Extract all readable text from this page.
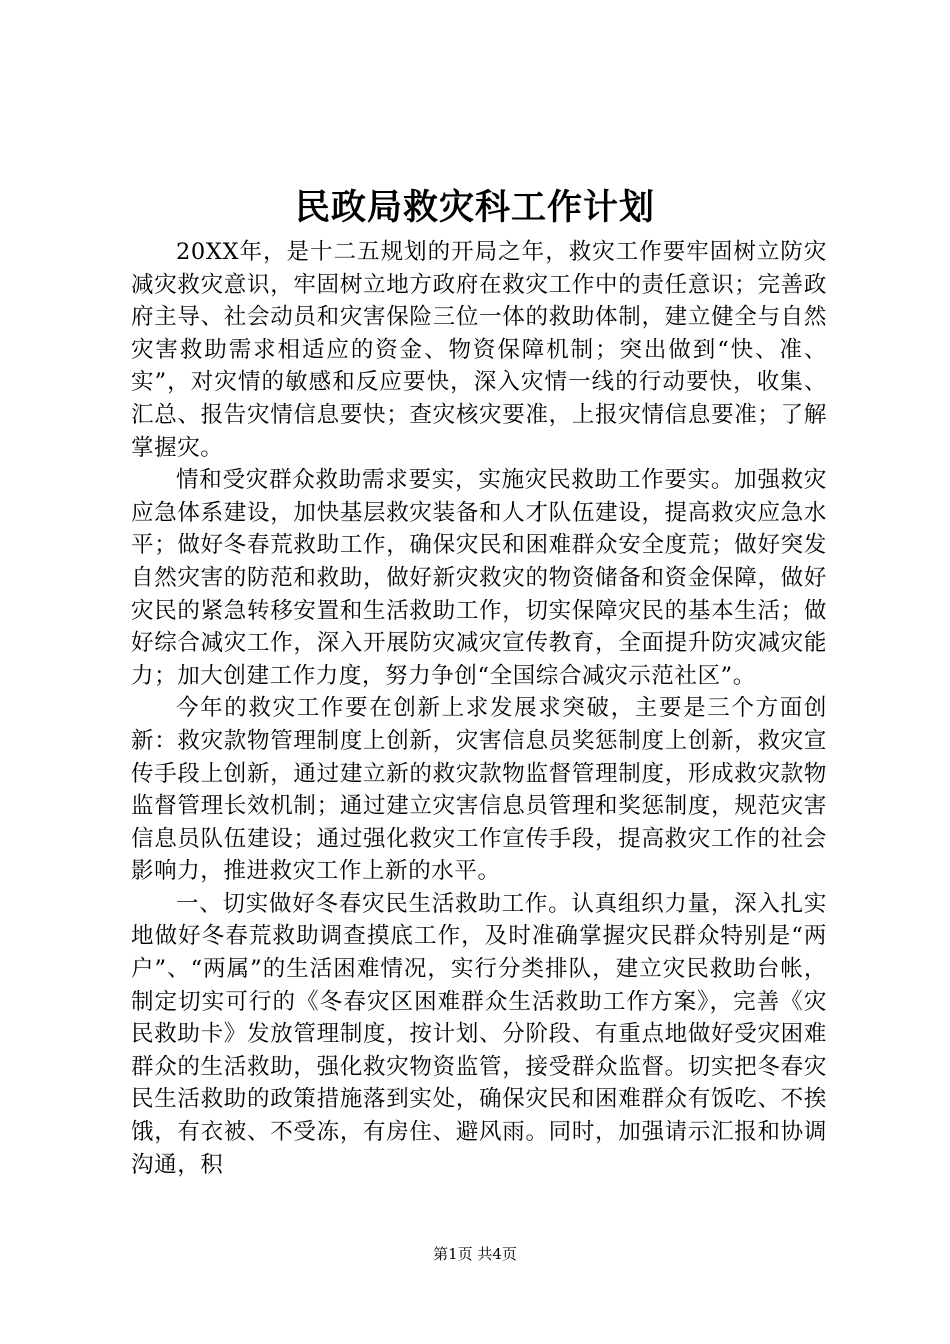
民政局救灾科工作计划

20XX年，是十二五规划的开局之年，救灾工作要牢固树立防灾减灾救灾意识，牢固树立地方政府在救灾工作中的责任意识；完善政府主导、社会动员和灾害保险三位一体的救助体制，建立健全与自然灾害救助需求相适应的资金、物资保障机制；突出做到“快、准、实”，对灾情的敏感和反应要快，深入灾情一线的行动要快，收集、汇总、报告灾情信息要快；查灾核灾要准，上报灾情信息要准；了解掌握灾。

情和受灾群众救助需求要实，实施灾民救助工作要实。加强救灾应急体系建设，加快基层救灾装备和人才队伍建设，提高救灾应急水平；做好冬春荒救助工作，确保灾民和困难群众安全度荒；做好突发自然灾害的防范和救助，做好新灾救灾的物资储备和资金保障，做好灾民的紧急转移安置和生活救助工作，切实保障灾民的基本生活；做好综合减灾工作，深入开展防灾减灾宣传教育，全面提升防灾减灾能力；加大创建工作力度，努力争创“全国综合减灾示范社区”。

今年的救灾工作要在创新上求发展求突破，主要是三个方面创新：救灾款物管理制度上创新，灾害信息员奖惩制度上创新，救灾宣传手段上创新，通过建立新的救灾款物监督管理制度，形成救灾款物监督管理长效机制；通过建立灾害信息员管理和奖惩制度，规范灾害信息员队伍建设；通过强化救灾工作宣传手段，提高救灾工作的社会影响力，推进救灾工作上新的水平。

一、切实做好冬春灾民生活救助工作。认真组织力量，深入扎实地做好冬春荒救助调查摸底工作，及时准确掌握灾民群众特别是“两户”、“两属”的生活困难情况，实行分类排队，建立灾民救助台帐，制定切实可行的《冬春灾区困难群众生活救助工作方案》，完善《灾民救助卡》发放管理制度，按计划、分阶段、有重点地做好受灾困难群众的生活救助，强化救灾物资监管，接受群众监督。切实把冬春灾民生活救助的政策措施落到实处，确保灾民和困难群众有饭吃、不挨饿，有衣被、不受冻，有房住、避风雨。同时，加强请示汇报和协调沟通，积

第1页 共4页
